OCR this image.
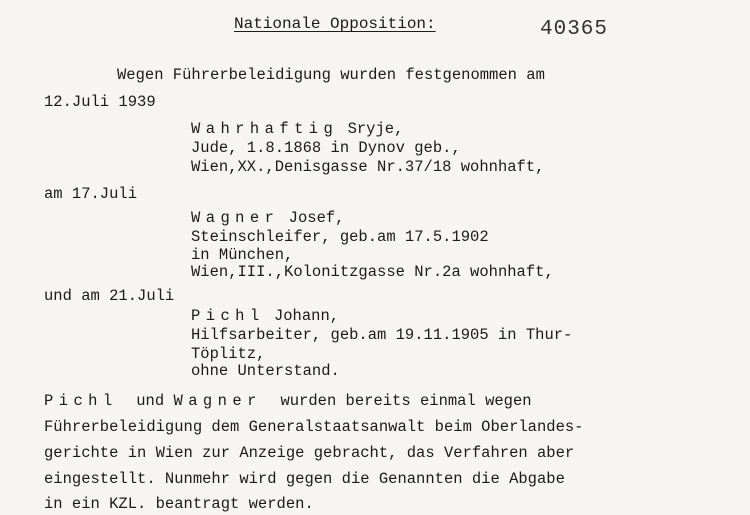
Nationale Opposition:	40365
Wegen Führerbeleidigung wurden festgenommen am
12.Juli 1939
Wahrhaftig Sryje,
Jude, 1.8.1868 in Dynov geb.,
Wien,XX.,Denisgasse Nr.37/18 wohnhaft,
am 17.Juli
Wagner Josef,
Steinschleifer, geb.am 17.5.1902
in München,
Wien,III.,Kolonitzgasse Nr.2a wohnhaft,
und am 21.Juli
Pichl Johann,
Hilfsarbeiter, geb.am 19.11.1905 in Thur-
Töplitz,
ohne Unterstand.
Pichl und Wagner wurden bereits einmal wegen
Führerbeleidigung dem Generalstaatsanwalt beim Oberlandes-
gerichte in Wien zur Anzeige gebracht, das Verfahren aber
eingestellt. Nunmehr wird gegen die Genannten die Abgabe
in ein KZL. beantragt werden.
